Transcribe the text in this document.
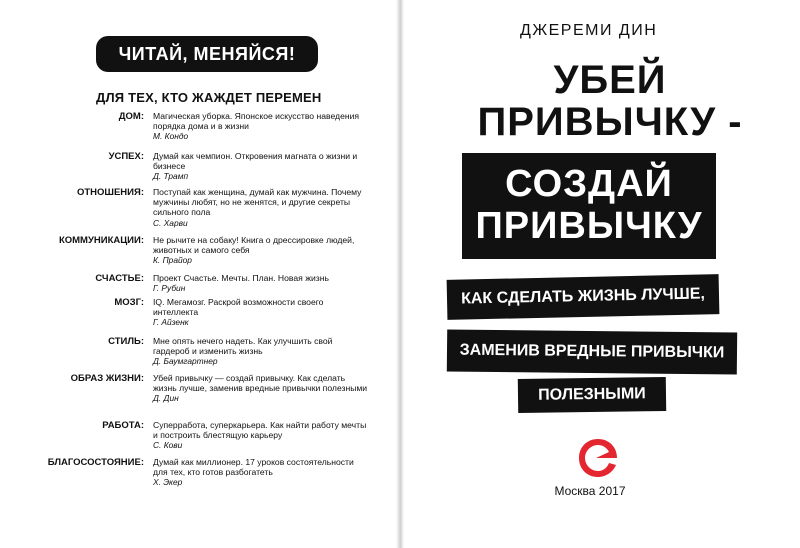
ЧИТАЙ, МЕНЯЙСЯ!
ДЛЯ ТЕХ, КТО ЖАЖДЕТ ПЕРЕМЕН
ДОМ: Магическая уборка. Японское искусство наведения порядка дома и в жизни
М. Кондо
УСПЕХ: Думай как чемпион. Откровения магната о жизни и бизнесе
Д. Трамп
ОТНОШЕНИЯ: Поступай как женщина, думай как мужчина. Почему мужчины любят, но не женятся, и другие секреты сильного пола
С. Харви
КОММУНИКАЦИИ: Не рычите на собаку! Книга о дрессировке людей, животных и самого себя
К. Прайор
СЧАСТЬЕ: Проект Счастье. Мечты. План. Новая жизнь
Г. Рубин
МОЗГ: IQ. Мегамозг. Раскрой возможности своего интеллекта
Г. Айзенк
СТИЛЬ: Мне опять нечего надеть. Как улучшить свой гардероб и изменить жизнь
Д. Баумгартнер
ОБРАЗ ЖИЗНИ: Убей привычку — создай привычку. Как сделать жизнь лучше, заменив вредные привычки полезными
Д. Дин
РАБОТА: Суперработа, суперкарьера. Как найти работу мечты и построить блестящую карьеру
С. Кови
БЛАГОСОСТОЯНИЕ: Думай как миллионер. 17 уроков состоятельности для тех, кто готов разбогатеть
Х. Экер
ДЖЕРЕМИ ДИН
УБЕЙ
ПРИВЫЧКУ -
СОЗДАЙ
ПРИВЫЧКУ
КАК СДЕЛАТЬ ЖИЗНЬ ЛУЧШЕ,
ЗАМЕНИВ ВРЕДНЫЕ ПРИВЫЧКИ
ПОЛЕЗНЫМИ
Москва 2017
